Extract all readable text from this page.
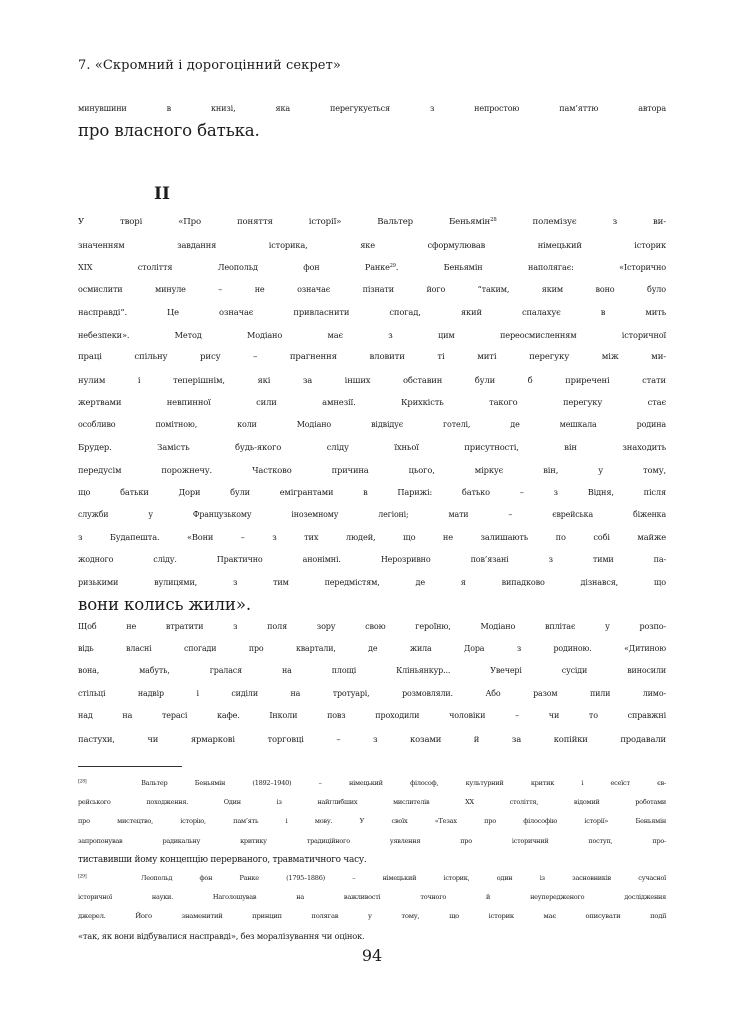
7. «Скромний і дорогоцінний секрет»
минувшини в книзі, яка перегукується з непростою пам’яттю автора
про власного батька.
II
У творі «Про поняття історії» Вальтер Беньямін$^{28}$ полемізує з ви-
значенням завдання історика, яке сформулював німецький історик
XIX століття Леопольд фон Ранке$^{29}$. Беньямін наполягає: «Історично
осмислити минуле – не означає пізнати його “таким, яким воно було
насправді”. Це означає привласнити спогад, який спалахує в мить
небезпеки». Метод Модіано має з цим переосмисленням історичної
праці спільну рису – прагнення вловити ті миті перегуку між ми-
нулим і теперішнім, які за інших обставин були б приречені стати
жертвами невпинної сили амнезії. Крихкість такого перегуку стає
особливо помітною, коли Модіано відвідує готелі, де мешкала родина
Брудер. Замість будь-якого сліду їхньої присутності, він знаходить
передусім порожнечу. Частково причина цього, міркує він, у тому,
що батьки Дори були емігрантами в Парижі: батько – з Відня, після
служби у Французькому іноземному легіоні; мати – єврейська біженка
з Будапешта. «Вони – з тих людей, що не залишають по собі майже
жодного сліду. Практично анонімні. Нерозривно пов’язані з тими па-
ризькими вулицями, з тим передмістям, де я випадково дізнався, що
вони колись жили».
Щоб не втратити з поля зору свою героїню, Модіано вплітає у розпо-
відь власні спогади про квартали, де жила Дора з родиною. «Дитиною
вона, мабуть, гралася на площі Кліньянкур... Увечері сусіди виносили
стільці надвір і сиділи на тротуарі, розмовляли. Або разом пили лимо-
над на терасі кафе. Інколи повз проходили чоловіки – чи то справжні
пастухи, чи ярмаркові торговці – з козами й за копійки продавали
[28]	Вальтер Беньямін (1892–1940) – німецький філософ, культурний критик і есеїст єв-
рейського походження. Один із найглибших мислителів XX століття, відомий роботами
про мистецтво, історію, пам’ять і мову. У своїх «Тезах про філософію історії» Беньямін
запропонував радикальну критику традиційного уявлення про історичний поступ, про-
тиставивши йому концепцію перерваного, травматичного часу.
[29]	Леопольд фон Ранке (1795–1886) – німецький історик, один із засновників сучасної
історичної науки. Наголошував на важливості точного й неупередженого дослідження
джерел. Його знаменитий принцип полягав у тому, що історик має описувати події
«так, як вони відбувалися насправді», без моралізування чи оцінок.
94
